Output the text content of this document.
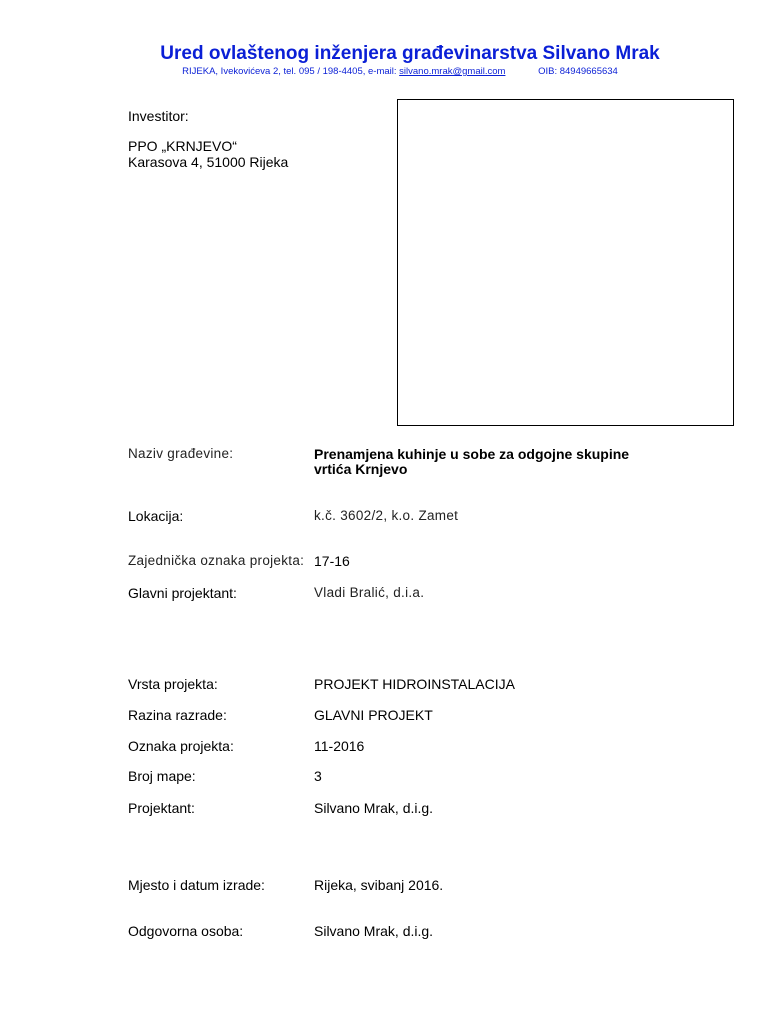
Ured ovlaštenog inženjera građevinarstva Silvano Mrak
RIJEKA, Ivekovićeva 2, tel. 095 / 198-4405, e-mail: silvano.mrak@gmail.com	OIB: 84949665634
Investitor:
PPO „KRNJEVO“
Karasova 4, 51000 Rijeka
Naziv građevine:	Prenamjena kuhinje u sobe za odgojne skupine
vrtića Krnjevo
Lokacija:	k.č. 3602/2, k.o. Zamet
Zajednička oznaka projekta: 17-16
Glavni projektant:	Vladi Bralić, d.i.a.
Vrsta projekta:	PROJEKT HIDROINSTALACIJA
Razina razrade:	GLAVNI PROJEKT
Oznaka projekta:	11-2016
Broj mape:	3
Projektant:	Silvano Mrak, d.i.g.
Mjesto i datum izrade:	Rijeka, svibanj 2016.
Odgovorna osoba:	Silvano Mrak, d.i.g.
